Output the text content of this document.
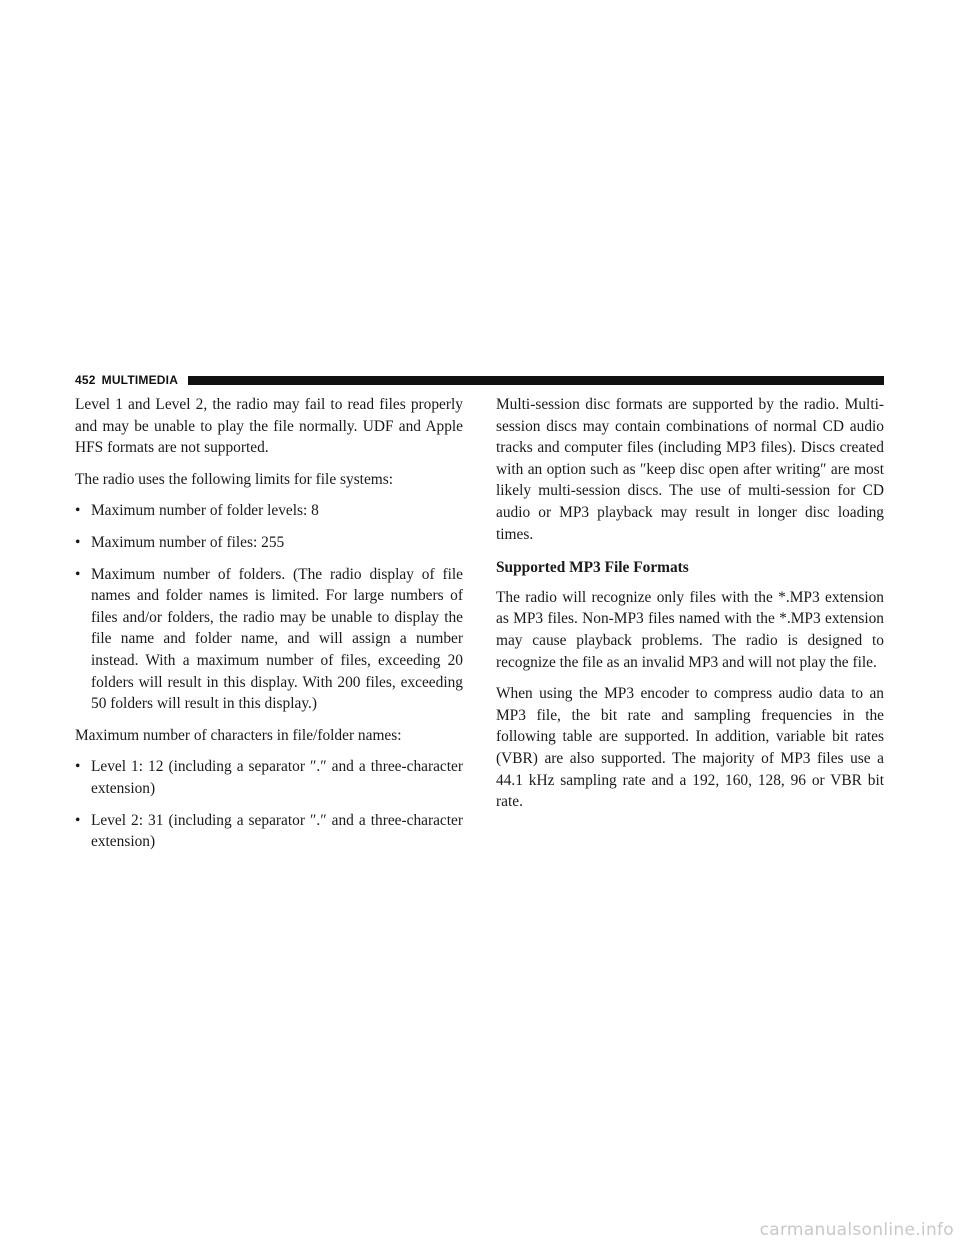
452 MULTIMEDIA

Level 1 and Level 2, the radio may fail to read files properly and may be unable to play the file normally. UDF and Apple HFS formats are not supported.

The radio uses the following limits for file systems:

• Maximum number of folder levels: 8
• Maximum number of files: 255
• Maximum number of folders. (The radio display of file names and folder names is limited. For large numbers of files and/or folders, the radio may be unable to display the file name and folder name, and will assign a number instead. With a maximum number of files, exceeding 20 folders will result in this display. With 200 files, exceeding 50 folders will result in this display.)

Maximum number of characters in file/folder names:

• Level 1: 12 (including a separator ″.″ and a three-character extension)
• Level 2: 31 (including a separator ″.″ and a three-character extension)

Multi-session disc formats are supported by the radio. Multi-session discs may contain combinations of normal CD audio tracks and computer files (including MP3 files). Discs created with an option such as ″keep disc open after writing″ are most likely multi-session discs. The use of multi-session for CD audio or MP3 playback may result in longer disc loading times.

Supported MP3 File Formats

The radio will recognize only files with the *.MP3 extension as MP3 files. Non-MP3 files named with the *.MP3 extension may cause playback problems. The radio is designed to recognize the file as an invalid MP3 and will not play the file.

When using the MP3 encoder to compress audio data to an MP3 file, the bit rate and sampling frequencies in the following table are supported. In addition, variable bit rates (VBR) are also supported. The majority of MP3 files use a 44.1 kHz sampling rate and a 192, 160, 128, 96 or VBR bit rate.

carmanualsonline.info
